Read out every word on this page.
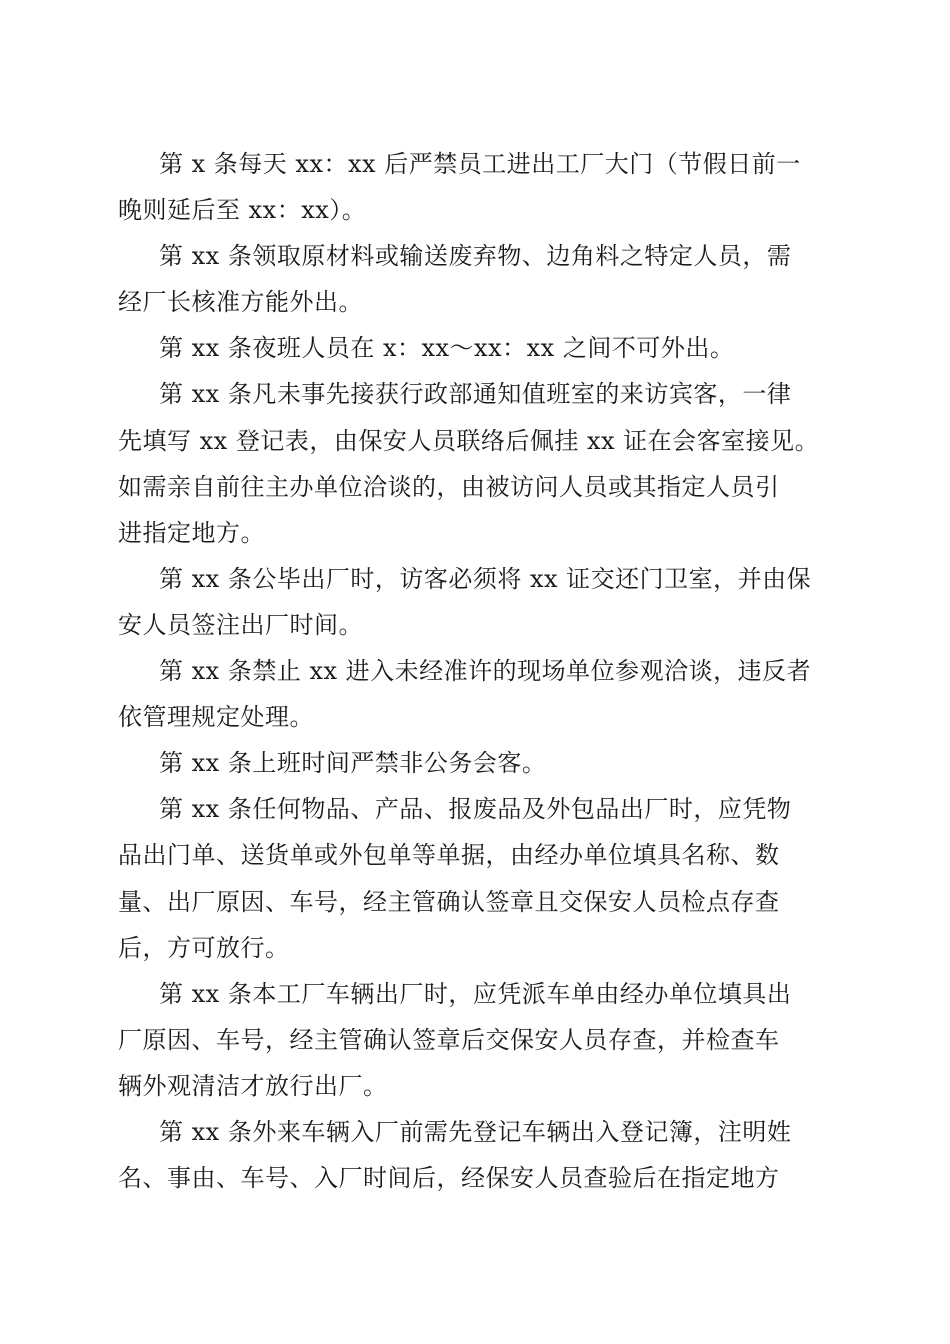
第 x 条每天 xx：xx 后严禁员工进出工厂大门（节假日前一
晚则延后至 xx：xx）。

第 xx 条领取原材料或输送废弃物、边角料之特定人员，需
经厂长核准方能外出。

第 xx 条夜班人员在 x：xx～xx：xx 之间不可外出。

第 xx 条凡未事先接获行政部通知值班室的来访宾客，一律
先填写 xx 登记表，由保安人员联络后佩挂 xx 证在会客室接见。
如需亲自前往主办单位洽谈的，由被访问人员或其指定人员引
进指定地方。

第 xx 条公毕出厂时，访客必须将 xx 证交还门卫室，并由保
安人员签注出厂时间。

第 xx 条禁止 xx 进入未经准许的现场单位参观洽谈，违反者
依管理规定处理。

第 xx 条上班时间严禁非公务会客。

第 xx 条任何物品、产品、报废品及外包品出厂时，应凭物
品出门单、送货单或外包单等单据，由经办单位填具名称、数
量、出厂原因、车号，经主管确认签章且交保安人员检点存查
后，方可放行。

第 xx 条本工厂车辆出厂时，应凭派车单由经办单位填具出
厂原因、车号，经主管确认签章后交保安人员存查，并检查车
辆外观清洁才放行出厂。

第 xx 条外来车辆入厂前需先登记车辆出入登记簿，注明姓
名、事由、车号、入厂时间后，经保安人员查验后在指定地方
